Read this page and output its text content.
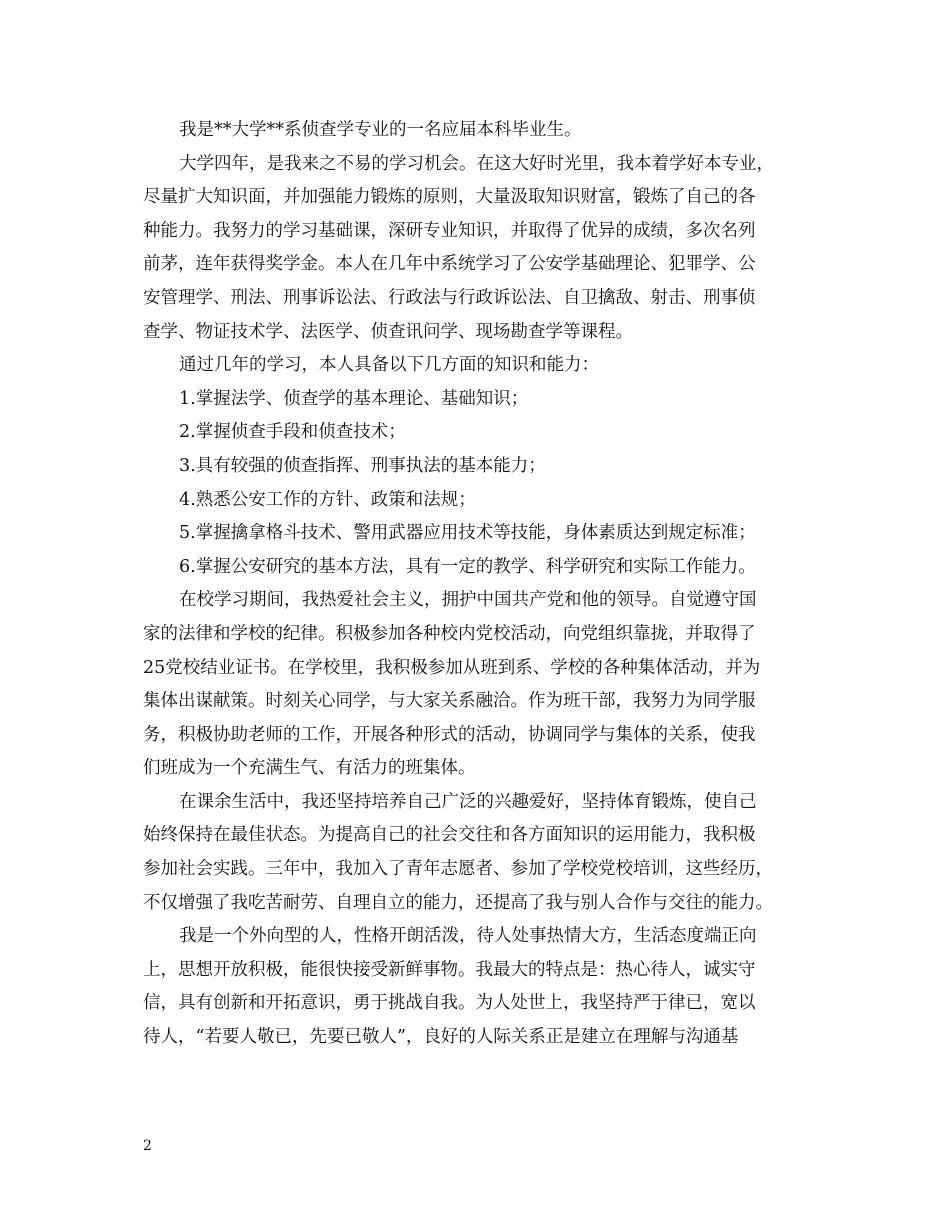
我是**大学**系侦查学专业的一名应届本科毕业生。
大学四年，是我来之不易的学习机会。在这大好时光里，我本着学好本专业，
尽量扩大知识面，并加强能力锻炼的原则，大量汲取知识财富，锻炼了自己的各
种能力。我努力的学习基础课，深研专业知识，并取得了优异的成绩，多次名列
前茅，连年获得奖学金。本人在几年中系统学习了公安学基础理论、犯罪学、公
安管理学、刑法、刑事诉讼法、行政法与行政诉讼法、自卫擒敌、射击、刑事侦
查学、物证技术学、法医学、侦查讯问学、现场勘查学等课程。
通过几年的学习，本人具备以下几方面的知识和能力：
1.掌握法学、侦查学的基本理论、基础知识；
2.掌握侦查手段和侦查技术；
3.具有较强的侦查指挥、刑事执法的基本能力；
4.熟悉公安工作的方针、政策和法规；
5.掌握擒拿格斗技术、警用武器应用技术等技能，身体素质达到规定标准；
6.掌握公安研究的基本方法，具有一定的教学、科学研究和实际工作能力。
在校学习期间，我热爱社会主义，拥护中国共产党和他的领导。自觉遵守国
家的法律和学校的纪律。积极参加各种校内党校活动，向党组织靠拢，并取得了
25党校结业证书。在学校里，我积极参加从班到系、学校的各种集体活动，并为
集体出谋献策。时刻关心同学，与大家关系融洽。作为班干部，我努力为同学服
务，积极协助老师的工作，开展各种形式的活动，协调同学与集体的关系，使我
们班成为一个充满生气、有活力的班集体。
在课余生活中，我还坚持培养自己广泛的兴趣爱好，坚持体育锻炼，使自己
始终保持在最佳状态。为提高自己的社会交往和各方面知识的运用能力，我积极
参加社会实践。三年中，我加入了青年志愿者、参加了学校党校培训，这些经历，
不仅增强了我吃苦耐劳、自理自立的能力，还提高了我与别人合作与交往的能力。
我是一个外向型的人，性格开朗活泼，待人处事热情大方，生活态度端正向
上，思想开放积极，能很快接受新鲜事物。我最大的特点是：热心待人，诚实守
信，具有创新和开拓意识，勇于挑战自我。为人处世上，我坚持严于律已，宽以
待人，“若要人敬已，先要已敬人”，良好的人际关系正是建立在理解与沟通基
2
